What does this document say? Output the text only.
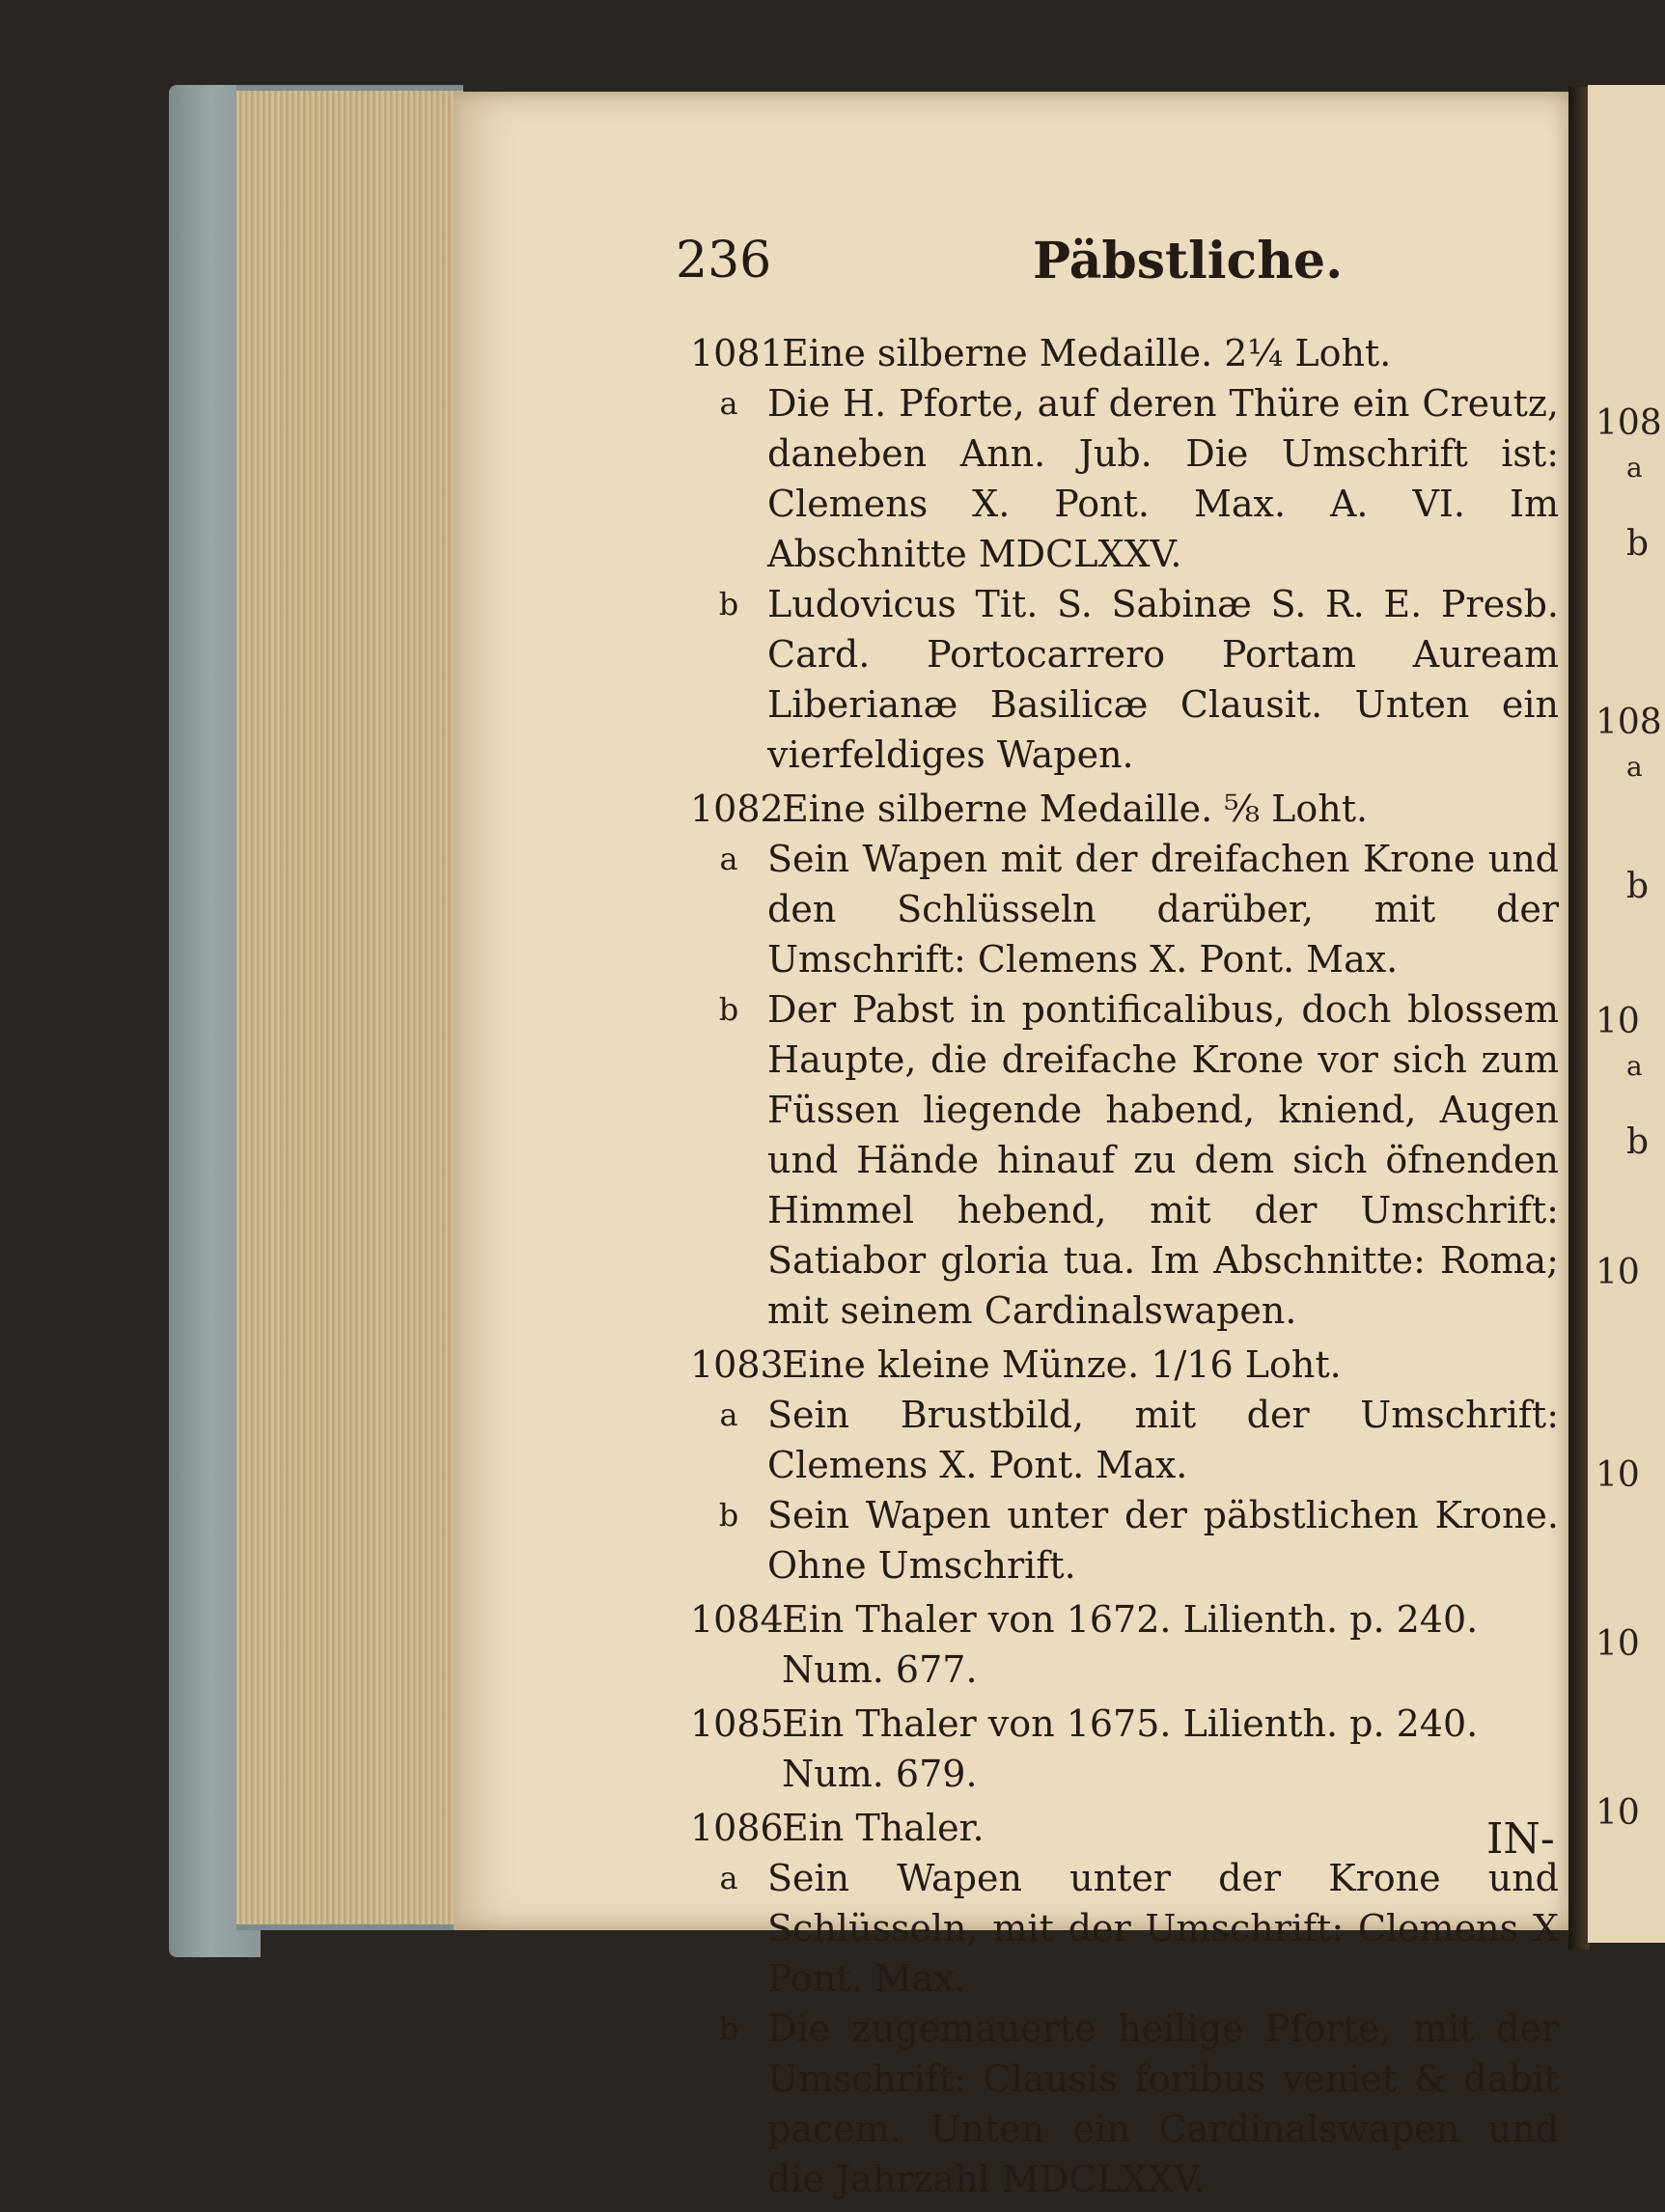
108
a
b
108
a
b
10
a
b
10
10
10
10
236	Päbstliche.
1081
Eine silberne Medaille. 2¼ Loht.
a Die H. Pforte, auf deren Thüre ein Creutz, daneben Ann. Jub. Die Umschrift ist: Clemens X. Pont. Max. A. VI. Im Abschnitte MDCLXXV.
b Ludovicus Tit. S. Sabinæ S. R. E. Presb. Card. Portocarrero Portam Auream Liberianæ Basilicæ Clausit. Unten ein vierfeldiges Wapen.
1082
Eine silberne Medaille. ⅝ Loht.
a Sein Wapen mit der dreifachen Krone und den Schlüsseln darüber, mit der Umschrift: Clemens X. Pont. Max.
b Der Pabst in pontificalibus, doch blossem Haupte, die dreifache Krone vor sich zum Füssen liegende habend, kniend, Augen und Hände hinauf zu dem sich öfnenden Himmel hebend, mit der Umschrift: Satiabor gloria tua. Im Abschnitte: Roma; mit seinem Cardinalswapen.
1083
Eine kleine Münze. 1/16 Loht.
a Sein Brustbild, mit der Umschrift: Clemens X. Pont. Max.
b Sein Wapen unter der päbstlichen Krone. Ohne Umschrift.
1084
Ein Thaler von 1672. Lilienth. p. 240. Num. 677.
1085
Ein Thaler von 1675. Lilienth. p. 240. Num. 679.
1086
Ein Thaler.
a Sein Wapen unter der Krone und Schlüsseln, mit der Umschrift: Clemens X Pont. Max.
b Die zugemauerte heilige Pforte, mit der Umschrift: Clausis foribus veniet & dabit pacem. Unten ein Cardinalswapen und die Jahrzahl MDCLXXV.
IN-
